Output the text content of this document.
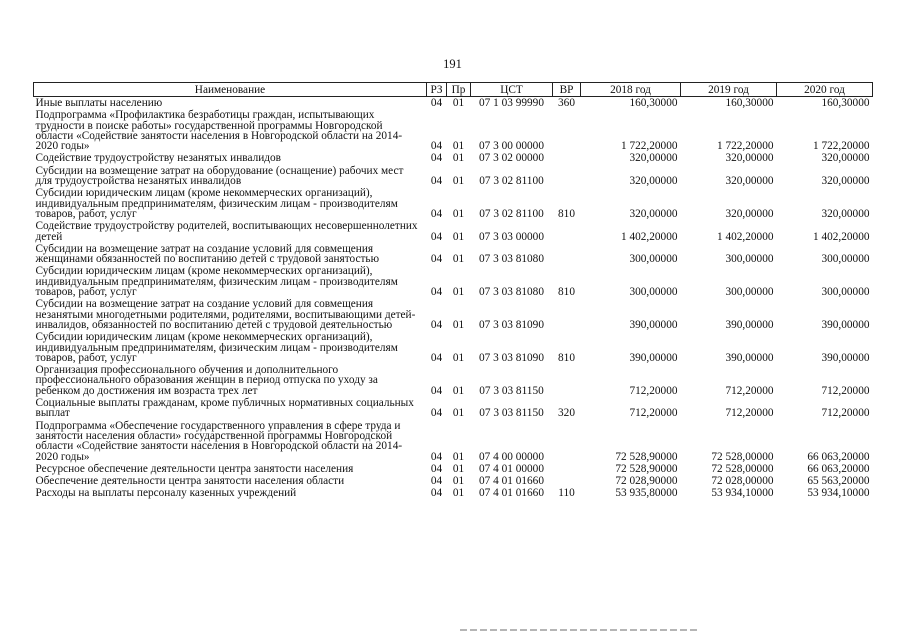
191
Наименование	РЗ	Пр	ЦСТ	ВР	2018 год	2019 год	2020 год
Иные выплаты населению	04	01	07 1 03 99990	360	160,30000	160,30000	160,30000
Подпрограмма «Профилактика безработицы граждан, испытывающих трудности в поиске работы» государственной программы Новгородской области «Содействие занятости населения в Новгородской области на 2014-2020 годы»	04	01	07 3 00 00000		1 722,20000	1 722,20000	1 722,20000
Содействие трудоустройству незанятых инвалидов	04	01	07 3 02 00000		320,00000	320,00000	320,00000
Субсидии на возмещение затрат на оборудование (оснащение) рабочих мест для трудоустройства незанятых инвалидов	04	01	07 3 02 81100		320,00000	320,00000	320,00000
Субсидии юридическим лицам (кроме некоммерческих организаций), индивидуальным предпринимателям, физическим лицам - производителям товаров, работ, услуг	04	01	07 3 02 81100	810	320,00000	320,00000	320,00000
Содействие трудоустройству родителей, воспитывающих несовершеннолетних детей	04	01	07 3 03 00000		1 402,20000	1 402,20000	1 402,20000
Субсидии на возмещение затрат на создание условий для совмещения женщинами обязанностей по воспитанию детей с трудовой занятостью	04	01	07 3 03 81080		300,00000	300,00000	300,00000
Субсидии юридическим лицам (кроме некоммерческих организаций), индивидуальным предпринимателям, физическим лицам - производителям товаров, работ, услуг	04	01	07 3 03 81080	810	300,00000	300,00000	300,00000
Субсидии на возмещение затрат на создание условий для совмещения незанятыми многодетными родителями, родителями, воспитывающими детей-инвалидов, обязанностей по воспитанию детей с трудовой деятельностью	04	01	07 3 03 81090		390,00000	390,00000	390,00000
Субсидии юридическим лицам (кроме некоммерческих организаций), индивидуальным предпринимателям, физическим лицам - производителям товаров, работ, услуг	04	01	07 3 03 81090	810	390,00000	390,00000	390,00000
Организация профессионального обучения и дополнительного профессионального образования женщин в период отпуска по уходу за ребенком до достижения им возраста трех лет	04	01	07 3 03 81150		712,20000	712,20000	712,20000
Социальные выплаты гражданам, кроме публичных нормативных социальных выплат	04	01	07 3 03 81150	320	712,20000	712,20000	712,20000
Подпрограмма «Обеспечение государственного управления в сфере труда и занятости населения области» государственной программы Новгородской области «Содействие занятости населения в Новгородской области на 2014-2020 годы»	04	01	07 4 00 00000		72 528,90000	72 528,00000	66 063,20000
Ресурсное обеспечение деятельности центра занятости населения	04	01	07 4 01 00000		72 528,90000	72 528,00000	66 063,20000
Обеспечение деятельности центра занятости населения области	04	01	07 4 01 01660		72 028,90000	72 028,00000	65 563,20000
Расходы на выплаты персоналу казенных учреждений	04	01	07 4 01 01660	110	53 935,80000	53 934,10000	53 934,10000
